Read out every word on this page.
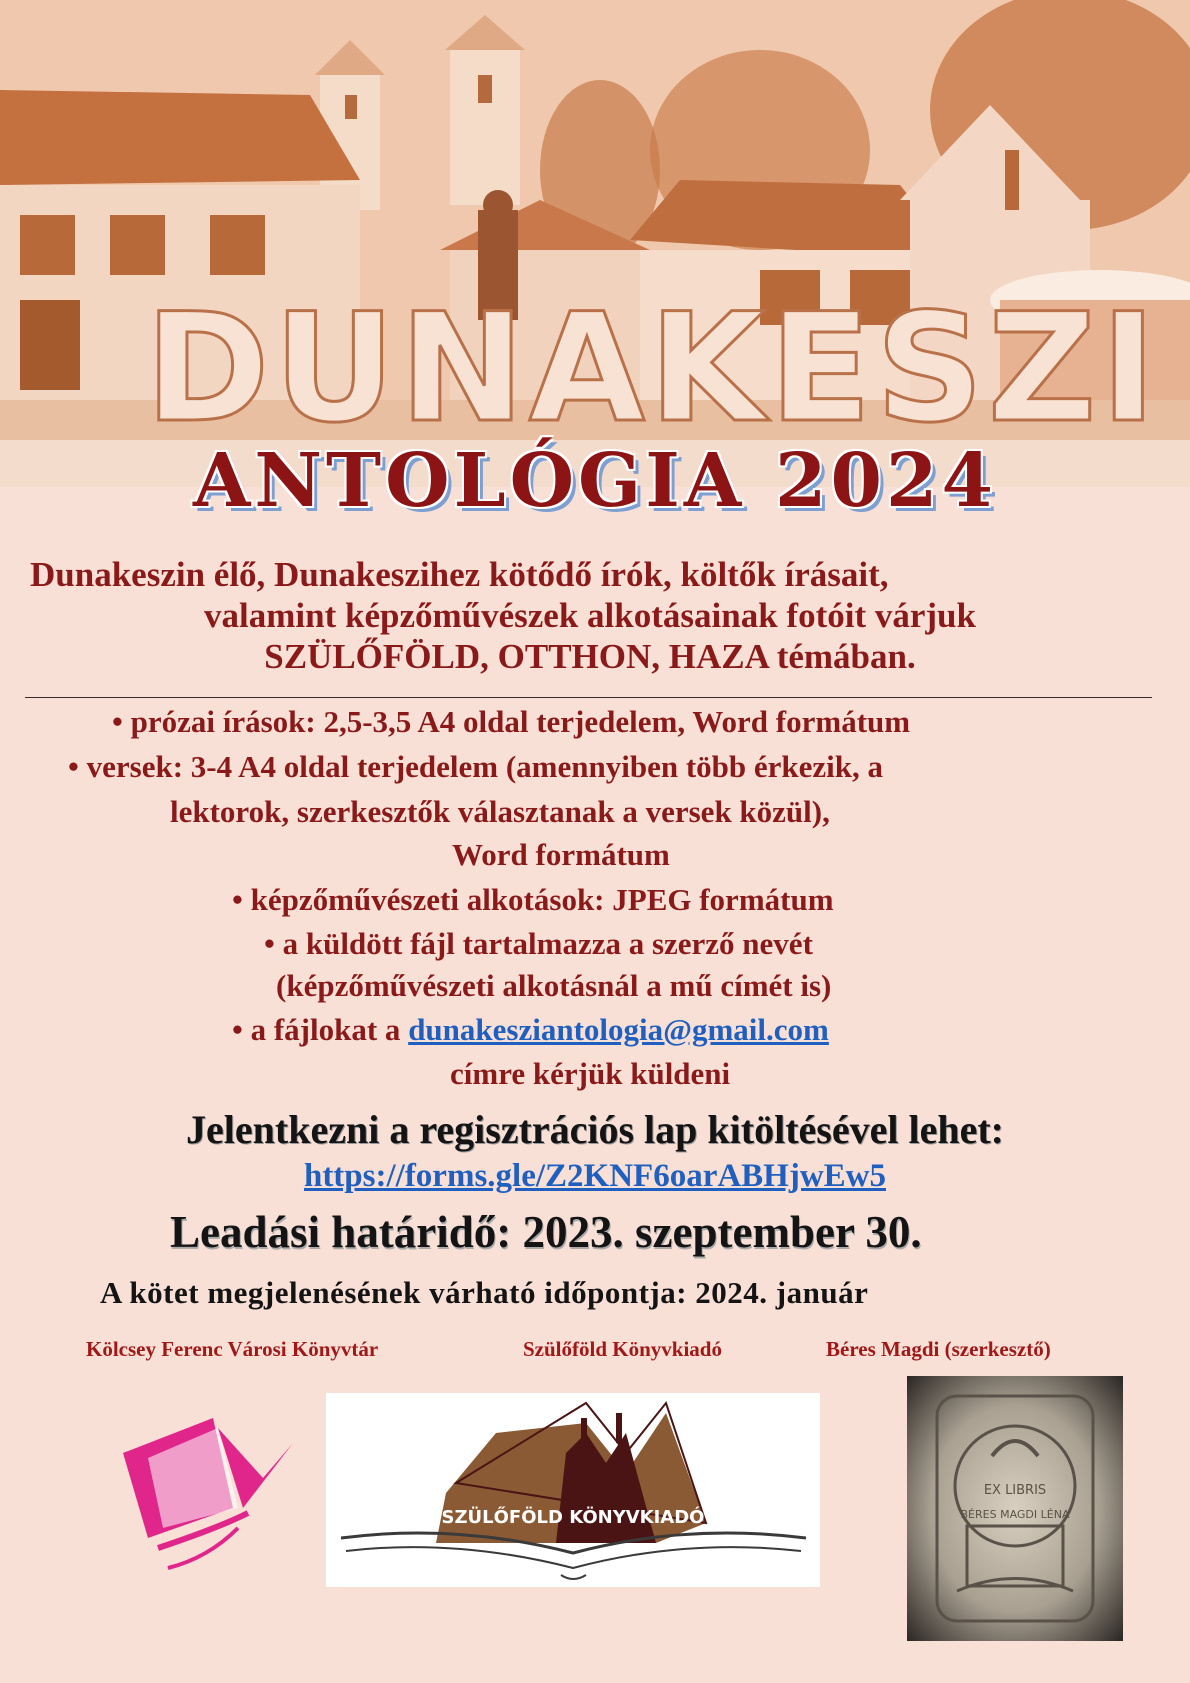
DUNAKESZI
ANTOLÓGIA 2024
Dunakeszin élő, Dunakeszihez kötődő írók, költők írásait,
valamint képzőművészek alkotásainak fotóit várjuk
SZÜLŐFÖLD, OTTHON, HAZA témában.
• prózai írások: 2,5-3,5 A4 oldal terjedelem, Word formátum
• versek: 3-4 A4 oldal terjedelem (amennyiben több érkezik, a
lektorok, szerkesztők választanak a versek közül),
Word formátum
• képzőművészeti alkotások: JPEG formátum
• a küldött fájl tartalmazza a szerző nevét
(képzőművészeti alkotásnál a mű címét is)
• a fájlokat a dunakesziantologia@gmail.com
címre kérjük küldeni
Jelentkezni a regisztrációs lap kitöltésével lehet:
https://forms.gle/Z2KNF6oarABHjwEw5
Leadási határidő: 2023. szeptember 30.
A kötet megjelenésének várható időpontja: 2024. január
Kölcsey Ferenc Városi Könyvtár	Szülőföld Könyvkiadó	Béres Magdi (szerkesztő)
SZÜLŐFÖLD KÖNYVKIADÓ
EX LIBRIS
BÉRES MAGDI LÉNA
